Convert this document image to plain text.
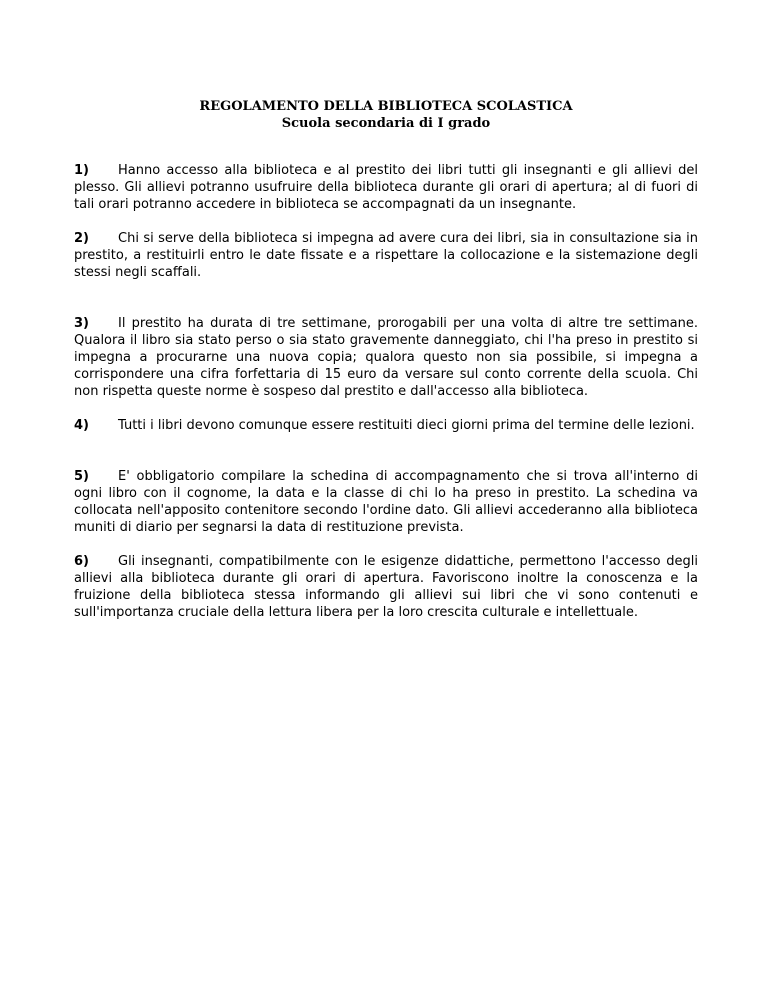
REGOLAMENTO DELLA BIBLIOTECA SCOLASTICA
Scuola secondaria di I grado

1) Hanno accesso alla biblioteca e al prestito dei libri tutti gli insegnanti e gli allievi del plesso. Gli allievi potranno usufruire della biblioteca durante gli orari di apertura; al di fuori di tali orari potranno accedere in biblioteca se accompagnati da un insegnante.

2) Chi si serve della biblioteca si impegna ad avere cura dei libri, sia in consultazione sia in prestito, a restituirli entro le date fissate e a rispettare la collocazione e la sistemazione degli stessi negli scaffali.

3) Il prestito ha durata di tre settimane, prorogabili per una volta di altre tre settimane. Qualora il libro sia stato perso o sia stato gravemente danneggiato, chi l'ha preso in prestito si impegna a procurarne una nuova copia; qualora questo non sia possibile, si impegna a corrispondere una cifra forfettaria di 15 euro da versare sul conto corrente della scuola. Chi non rispetta queste norme è sospeso dal prestito e dall'accesso alla biblioteca.

4) Tutti i libri devono comunque essere restituiti dieci giorni prima del termine delle lezioni.

5) E' obbligatorio compilare la schedina di accompagnamento che si trova all'interno di ogni libro con il cognome, la data e la classe di chi lo ha preso in prestito. La schedina va collocata nell'apposito contenitore secondo l'ordine dato. Gli allievi accederanno alla biblioteca muniti di diario per segnarsi la data di restituzione prevista.

6) Gli insegnanti, compatibilmente con le esigenze didattiche, permettono l'accesso degli allievi alla biblioteca durante gli orari di apertura. Favoriscono inoltre la conoscenza e la fruizione della biblioteca stessa informando gli allievi sui libri che vi sono contenuti e sull'importanza cruciale della lettura libera per la loro crescita culturale e intellettuale.
